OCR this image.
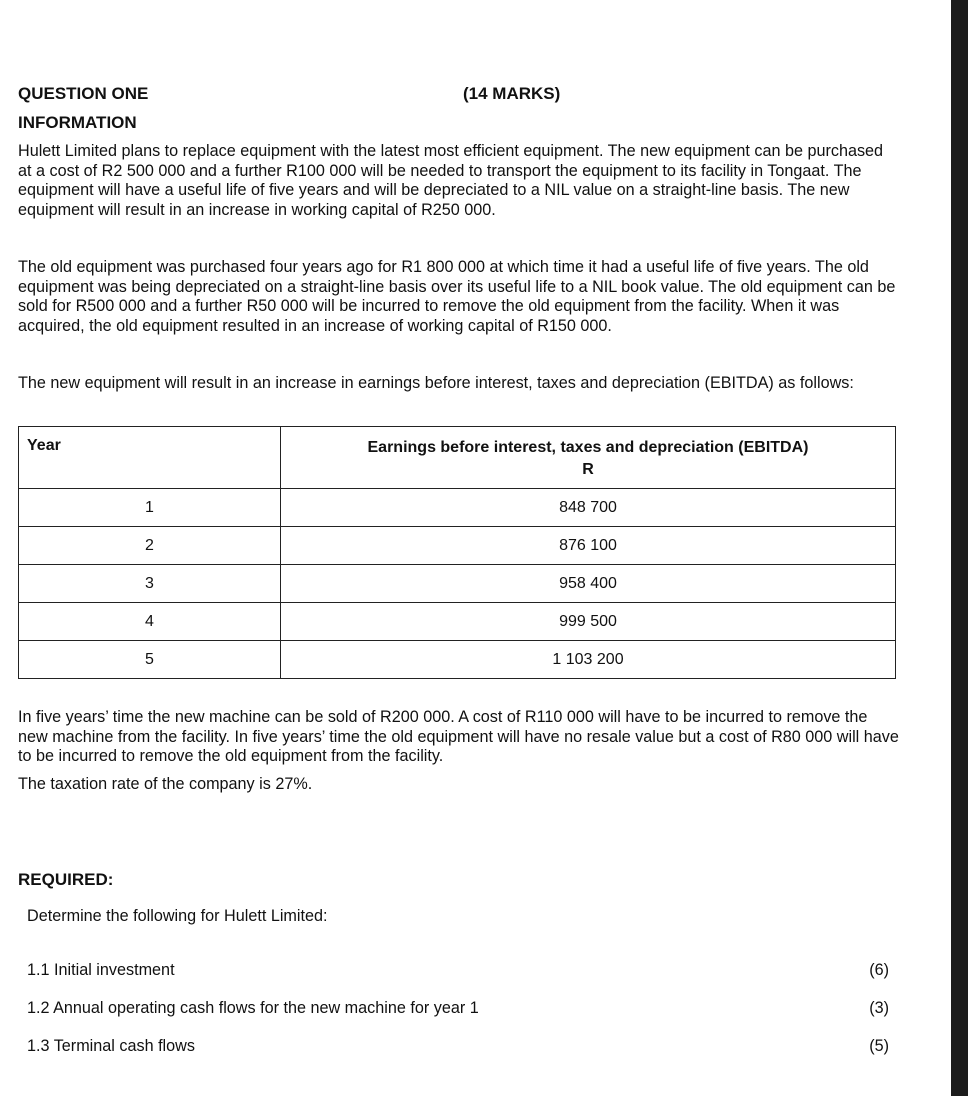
QUESTION ONE	(14 MARKS)
INFORMATION

Hulett Limited plans to replace equipment with the latest most efficient equipment. The new equipment can be purchased at a cost of R2 500 000 and a further R100 000 will be needed to transport the equipment to its facility in Tongaat. The equipment will have a useful life of five years and will be depreciated to a NIL value on a straight-line basis. The new equipment will result in an increase in working capital of R250 000.

The old equipment was purchased four years ago for R1 800 000 at which time it had a useful life of five years. The old equipment was being depreciated on a straight-line basis over its useful life to a NIL book value. The old equipment can be sold for R500 000 and a further R50 000 will be incurred to remove the old equipment from the facility. When it was acquired, the old equipment resulted in an increase of working capital of R150 000.

The new equipment will result in an increase in earnings before interest, taxes and depreciation (EBITDA) as follows:

Year	Earnings before interest, taxes and depreciation (EBITDA)
R
1	848 700
2	876 100
3	958 400
4	999 500
5	1 103 200

In five years’ time the new machine can be sold of R200 000. A cost of R110 000 will have to be incurred to remove the new machine from the facility. In five years’ time the old equipment will have no resale value but a cost of R80 000 will have to be incurred to remove the old equipment from the facility.

The taxation rate of the company is 27%.

REQUIRED:
Determine the following for Hulett Limited:
1.1 Initial investment	(6)
1.2 Annual operating cash flows for the new machine for year 1	(3)
1.3 Terminal cash flows	(5)
